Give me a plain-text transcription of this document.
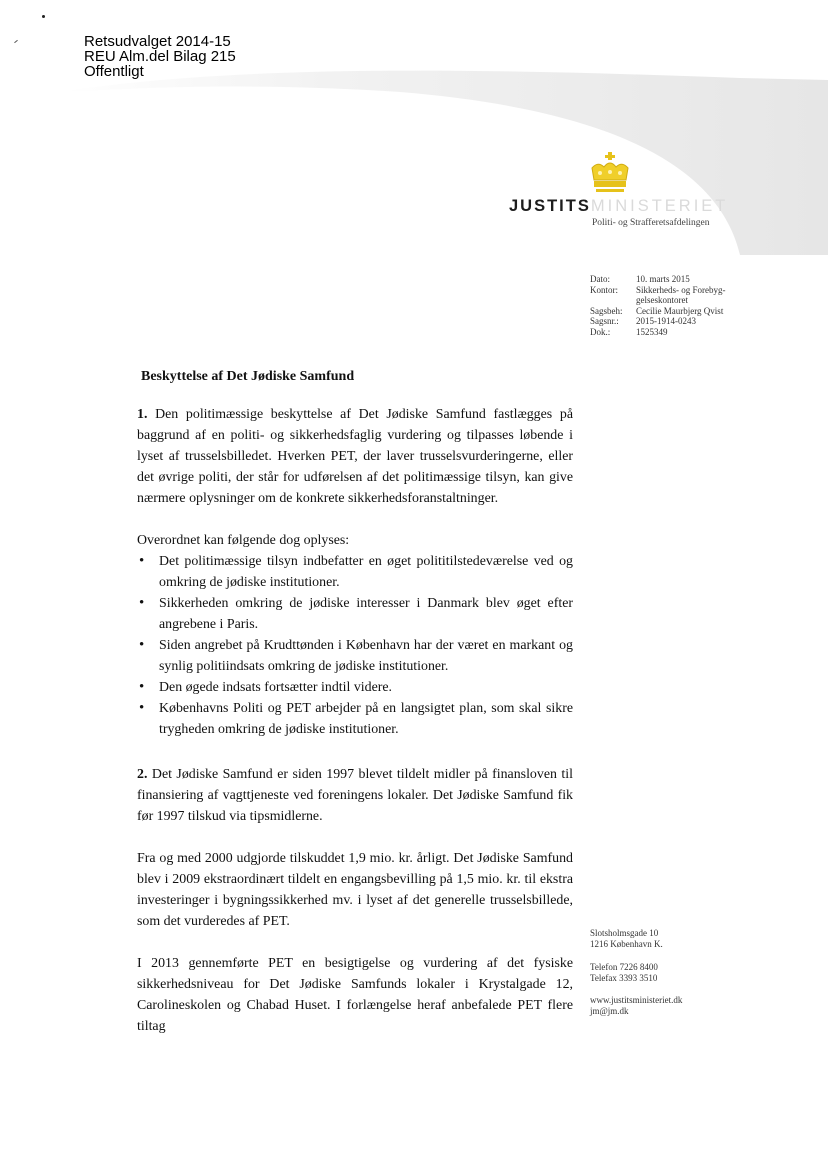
Retsudvalget 2014-15
REU Alm.del Bilag 215
Offentligt
JUSTITSMINISTERIET
Politi- og Strafferetsafdelingen
Dato:	10. marts 2015
Kontor:	Sikkerheds- og Forebyg-
gelseskontoret
Sagsbeh:	Cecilie Maurbjerg Qvist
Sagsnr.:	2015-1914-0243
Dok.:	1525349
Beskyttelse af Det Jødiske Samfund
1. Den politimæssige beskyttelse af Det Jødiske Samfund fastlægges på baggrund af en politi- og sikkerhedsfaglig vurdering og tilpasses løbende i lyset af trusselsbilledet. Hverken PET, der laver trusselsvurderingerne, eller det øvrige politi, der står for udførelsen af det politimæssige tilsyn, kan give nærmere oplysninger om de konkrete sikkerhedsforanstaltninger.
Overordnet kan følgende dog oplyses:
• Det politimæssige tilsyn indbefatter en øget polititilstedeværelse ved og omkring de jødiske institutioner.
• Sikkerheden omkring de jødiske interesser i Danmark blev øget efter angrebene i Paris.
• Siden angrebet på Krudttønden i København har der været en markant og synlig politiindsats omkring de jødiske institutioner.
• Den øgede indsats fortsætter indtil videre.
• Københavns Politi og PET arbejder på en langsigtet plan, som skal sikre trygheden omkring de jødiske institutioner.
2. Det Jødiske Samfund er siden 1997 blevet tildelt midler på finansloven til finansiering af vagttjeneste ved foreningens lokaler. Det Jødiske Samfund fik før 1997 tilskud via tipsmidlerne.
Fra og med 2000 udgjorde tilskuddet 1,9 mio. kr. årligt. Det Jødiske Samfund blev i 2009 ekstraordinært tildelt en engangsbevilling på 1,5 mio. kr. til ekstra investeringer i bygningssikkerhed mv. i lyset af det generelle trusselsbillede, som det vurderedes af PET.
I 2013 gennemførte PET en besigtigelse og vurdering af det fysiske sikkerhedsniveau for Det Jødiske Samfunds lokaler i Krystalgade 12, Carolineskolen og Chabad Huset. I forlængelse heraf anbefalede PET flere tiltag
Slotsholmsgade 10
1216 København K.
Telefon 7226 8400
Telefax 3393 3510
www.justitsministeriet.dk
jm@jm.dk
